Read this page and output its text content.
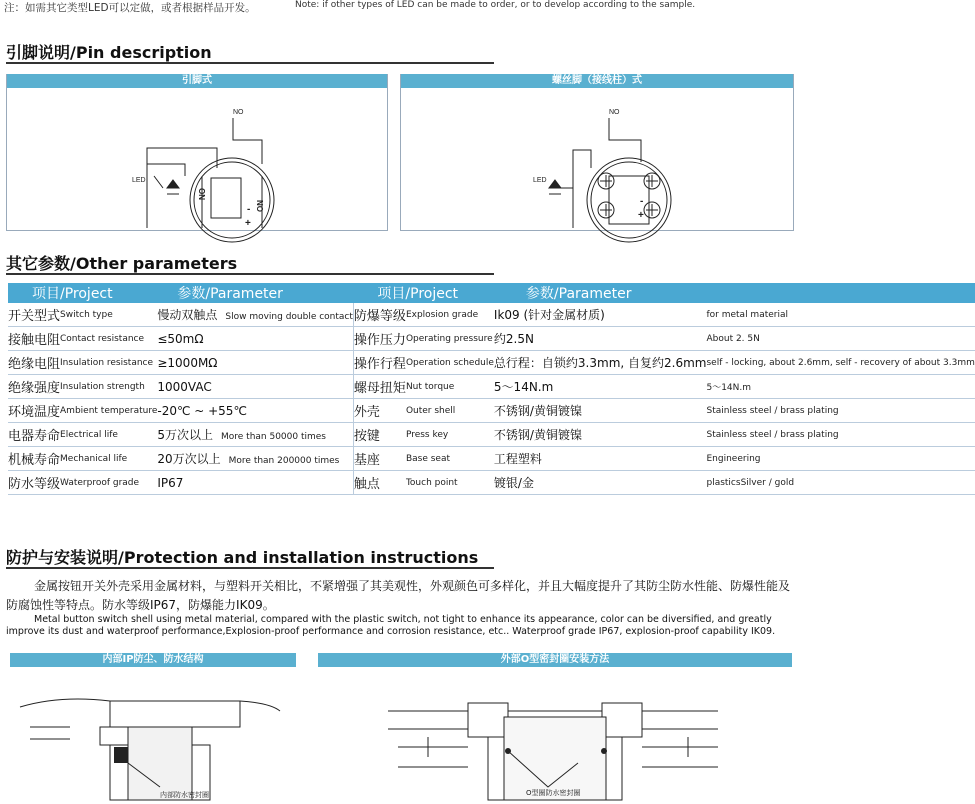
注：如需其它类型LED可以定做，或者根据样品开发。	Note: if other types of LED can be made to order, or to develop according to the sample.
引脚说明/Pin description
引脚式
NO
LED
NO
NO
-
+
螺丝脚（接线柱）式
NO
LED
-
+
其它参数/Other parameters
项目/Project		参数/Parameter	项目/Project		参数/Parameter	
开关型式	Switch type	慢动双触点 Slow moving double contact	防爆等级	Explosion grade	Ik09 (针对金属材质)	for metal material
接触电阻	Contact resistance	≤50mΩ	操作压力	Operating pressure	约2.5N	About 2. 5N
绝缘电阻	Insulation resistance	≥1000MΩ	操作行程	Operation schedule	总行程：自锁约3.3mm, 自复约2.6mm	self - locking, about 2.6mm, self - recovery of about 3.3mm
绝缘强度	Insulation strength	1000VAC	螺母扭矩	Nut torque	5～14N.m	5～14N.m
环境温度	Ambient temperature	-20℃ ~ +55℃	外壳	Outer shell	不锈钢/黄铜镀镍	Stainless steel / brass plating
电器寿命	Electrical life	5万次以上 More than 50000 times	按键	Press key	不锈钢/黄铜镀镍	Stainless steel / brass plating
机械寿命	Mechanical life	20万次以上 More than 200000 times	基座	Base seat	工程塑料	Engineering
防水等级	Waterproof grade	IP67	触点	Touch point	镀银/金	plasticsSilver / gold
防护与安装说明/Protection and installation instructions
金属按钮开关外壳采用金属材料，与塑料开关相比，不紧增强了其美观性，外观颜色可多样化，并且大幅度提升了其防尘防水性能、防爆性能及防腐蚀性等特点。防水等级IP67，防爆能力IK09。
Metal button switch shell using metal material, compared with the plastic switch, not tight to enhance its appearance, color can be diversified, and greatly improve its dust and waterproof performance,Explosion-proof performance and corrosion resistance, etc.. Waterproof grade IP67, explosion-proof capability IK09.
内部IP防尘、防水结构
内部防水密封圈
外部O型密封圈安装方法
O型圈防水密封圈
